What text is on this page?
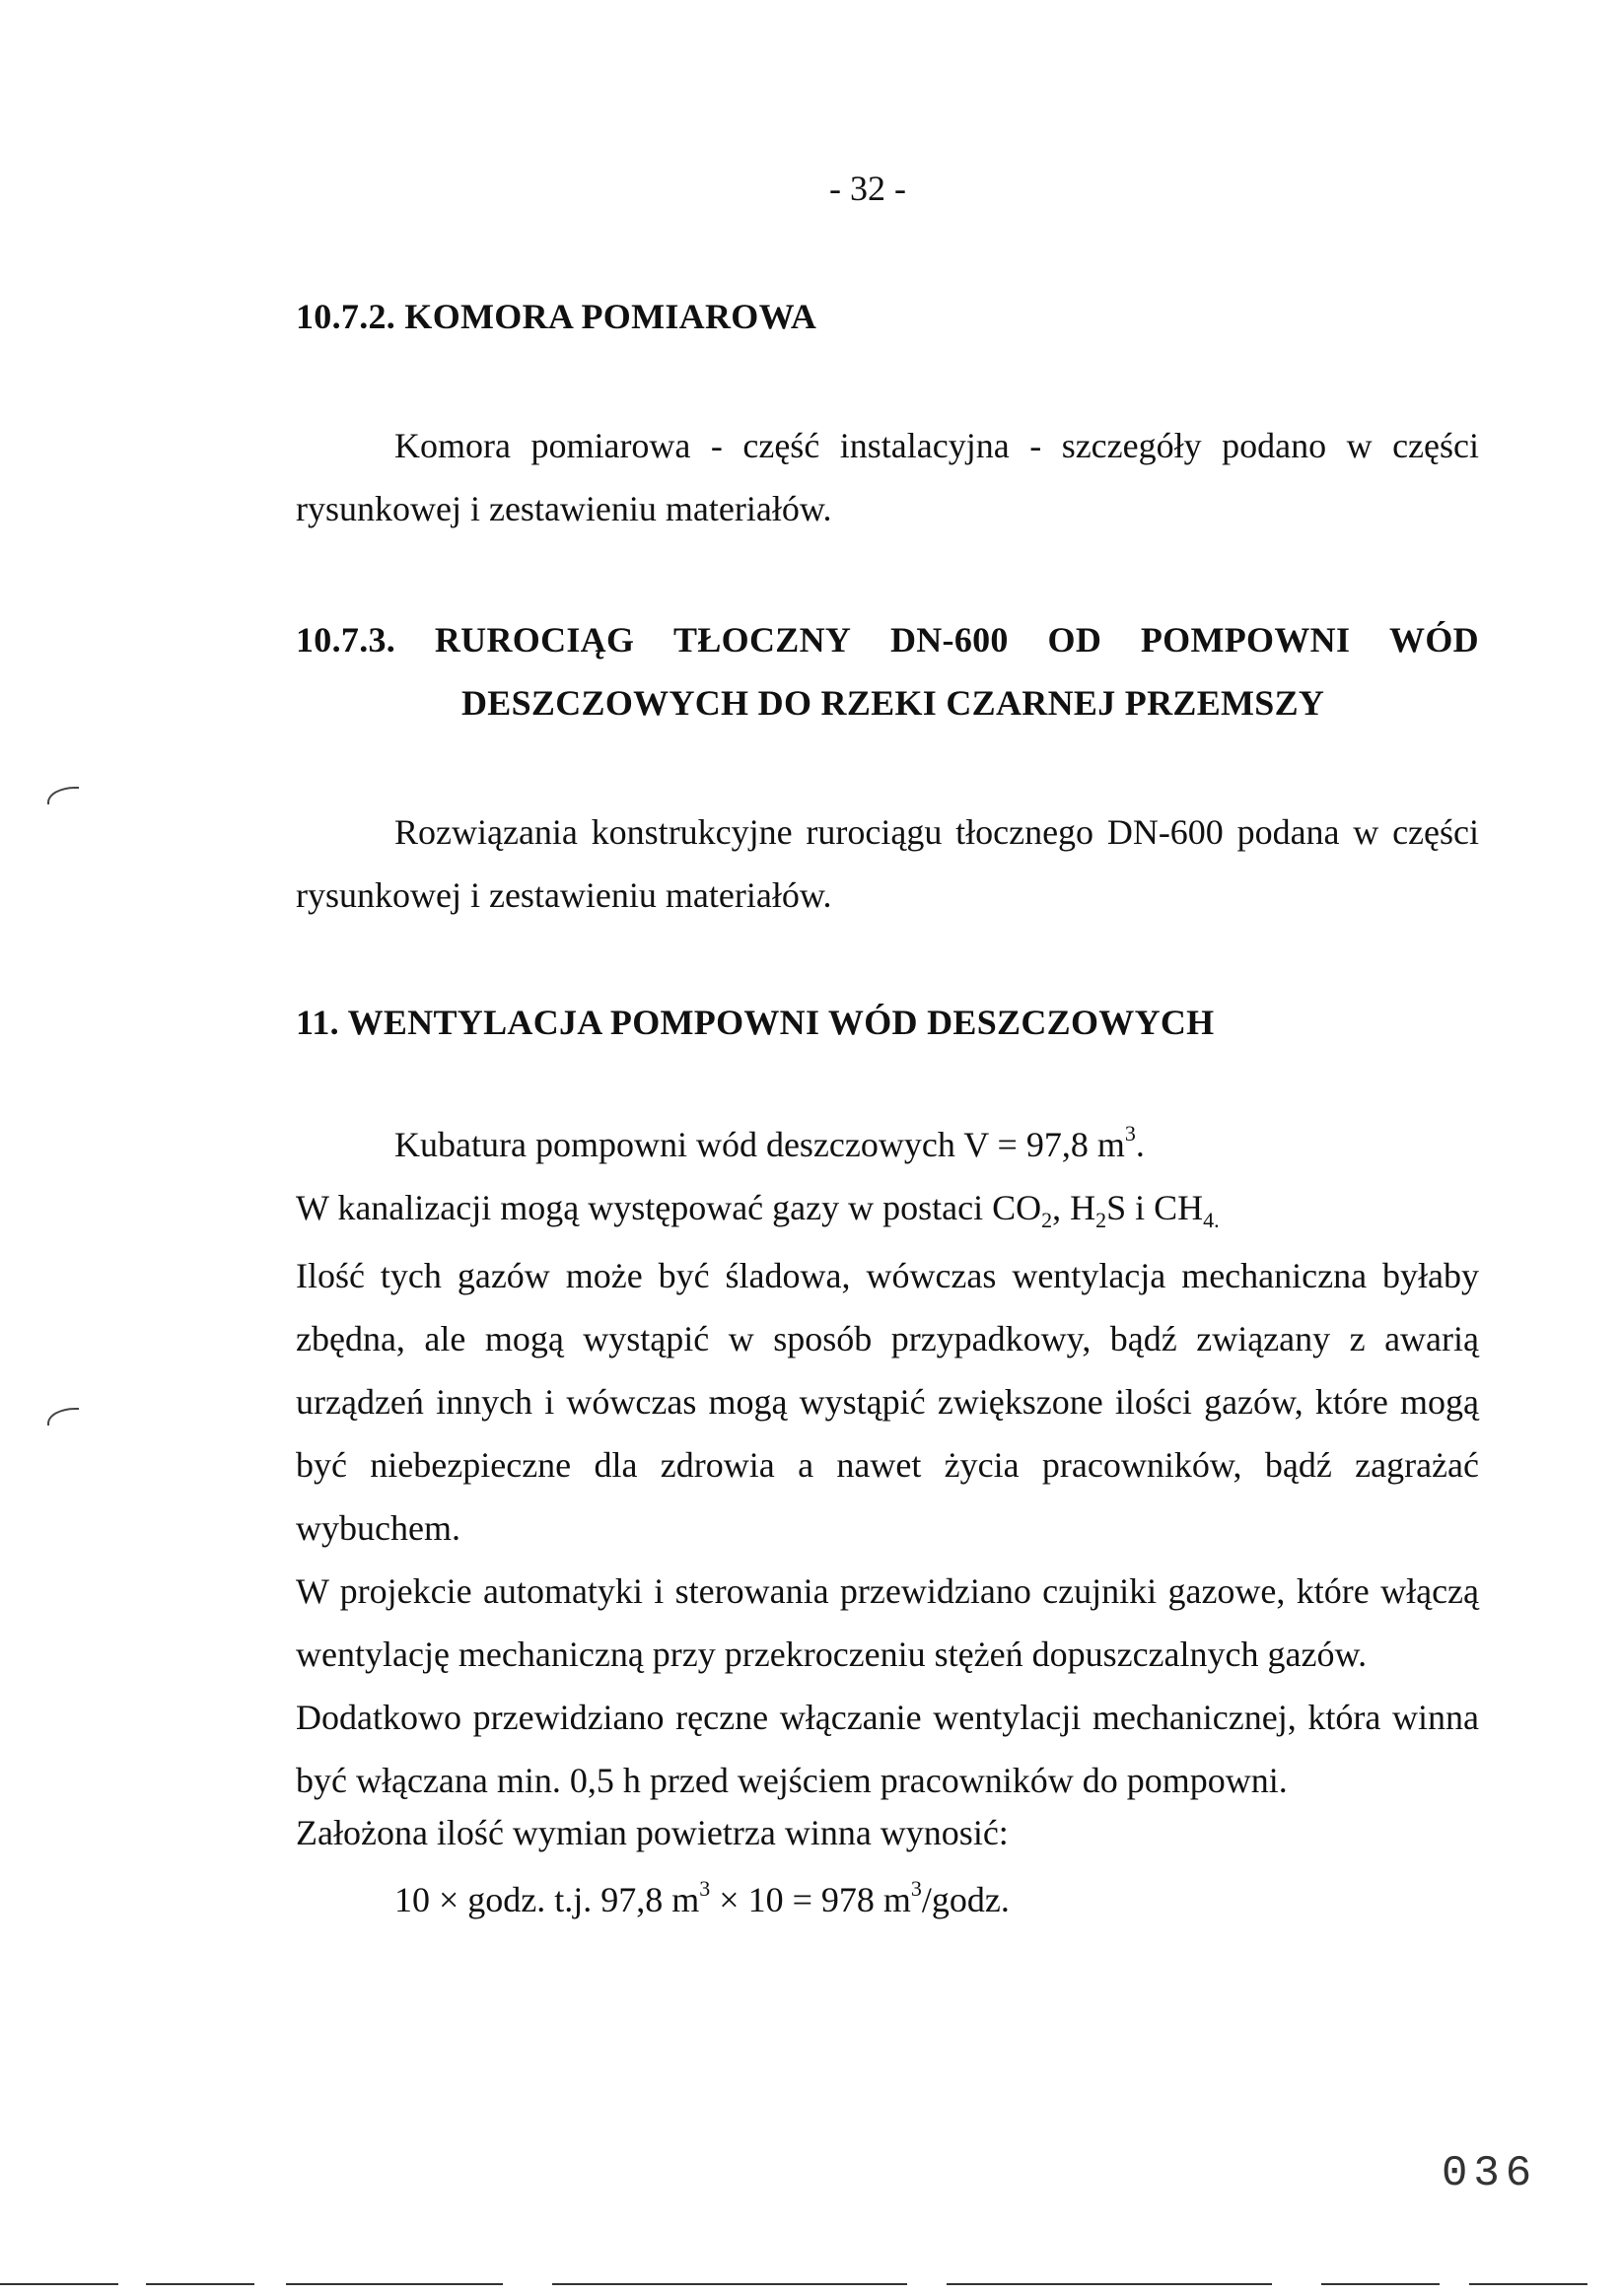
- 32 -
10.7.2. KOMORA POMIAROWA
Komora pomiarowa - część instalacyjna - szczegóły podano w części rysunkowej i zestawieniu materiałów.
10.7.3. RUROCIĄG TŁOCZNY DN-600 OD POMPOWNI WÓD
DESZCZOWYCH DO RZEKI CZARNEJ PRZEMSZY
Rozwiązania konstrukcyjne rurociągu tłocznego DN-600 podana w części rysunkowej i zestawieniu materiałów.
11. WENTYLACJA POMPOWNI WÓD DESZCZOWYCH
Kubatura pompowni wód deszczowych V = 97,8 $m^3$.
W kanalizacji mogą występować gazy w postaci $CO_2$, $H_2S$ i $CH_{4.}$
Ilość tych gazów może być śladowa, wówczas wentylacja mechaniczna byłaby zbędna, ale mogą wystąpić w sposób przypadkowy, bądź związany z awarią urządzeń innych i wówczas mogą wystąpić zwiększone ilości gazów, które mogą być niebezpieczne dla zdrowia a nawet życia pracowników, bądź zagrażać wybuchem.
W projekcie automatyki i sterowania przewidziano czujniki gazowe, które włączą wentylację mechaniczną przy przekroczeniu stężeń dopuszczalnych gazów.
Dodatkowo przewidziano ręczne włączanie wentylacji mechanicznej, która winna być włączana min. 0,5 h przed wejściem pracowników do pompowni.
Założona ilość wymian powietrza winna wynosić:
10 × godz. t.j. 97,8 $m^3 \times 10 = 978$ $m^3$/godz.
036
